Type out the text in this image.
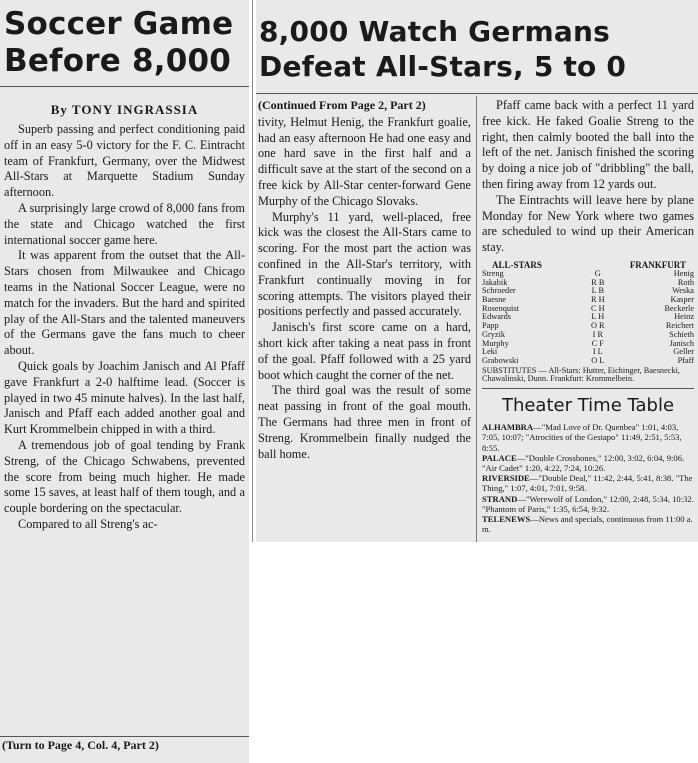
Soccer Game
Before 8,000
By TONY INGRASSIA

Superb passing and perfect conditioning paid off in an easy 5-0 victory for the F. C. Eintracht team of Frankfurt, Germany, over the Midwest All-Stars at Marquette Stadium Sunday afternoon.

A surprisingly large crowd of 8,000 fans from the state and Chicago watched the first international soccer game here.

It was apparent from the outset that the All-Stars chosen from Milwaukee and Chicago teams in the National Soccer League, were no match for the invaders. But the hard and spirited play of the All-Stars and the talented maneuvers of the Germans gave the fans much to cheer about.

Quick goals by Joachim Janisch and Al Pfaff gave Frankfurt a 2-0 halftime lead. (Soccer is played in two 45 minute halves). In the last half, Janisch and Pfaff each added another goal and Kurt Krommelbein chipped in with a third.

A tremendous job of goal tending by Frank Streng, of the Chicago Schwabens, prevented the score from being much higher. He made some 15 saves, at least half of them tough, and a couple bordering on the spectacular.

Compared to all Streng's ac-

(Turn to Page 4, Col. 4, Part 2)
8,000 Watch Germans
Defeat All-Stars, 5 to 0
(Continued From Page 2, Part 2)

tivity, Helmut Henig, the Frankfurt goalie, had an easy afternoon He had one easy and one hard save in the first half and a difficult save at the start of the second on a free kick by All-Star center-forward Gene Murphy of the Chicago Slovaks.

Murphy's 11 yard, well-placed, free kick was the closest the All-Stars came to scoring. For the most part the action was confined in the All-Star's territory, with Frankfurt continually moving in for scoring attempts. The visitors played their positions perfectly and passed accurately.

Janisch's first score came on a hard, short kick after taking a neat pass in front of the goal. Pfaff followed with a 25 yard boot which caught the corner of the net.

The third goal was the result of some neat passing in front of the goal mouth. The Germans had three men in front of Streng. Krommelbein finally nudged the ball home.

Pfaff came back with a perfect 11 yard free kick. He faked Goalie Streng to the right, then calmly booted the ball into the left of the net. Janisch finished the scoring by doing a nice job of "dribbling" the ball, then firing away from 12 yards out.

The Eintrachts will leave here by plane Monday for New York where two games are scheduled to wind up their American stay.

ALL-STARS	FRANKFURT
Streng	G	Henig
Jakabik	R B	Roth
Schroeder	L B	Weska
Baesne	R H	Kasper
Rosenquist	C H	Beckerle
Edwards	L H	Heinz
Papp	O R	Reichert
Gryzik	I R	Schieth
Murphy	C F	Janisch
Leki	I L	Geller
Grabowski	O L	Pfaff
SUBSTITUTES — All-Stars: Hutter, Eichinger, Baesnecki, Chawalinski, Dunn. Frankfurt: Krommelbein.
Theater Time Table

ALHAMBRA—"Mad Love of Dr. Quenbea" 1:01, 4:03, 7:05, 10:07; "Atrocities of the Gestapo" 11:49, 2:51, 5:53, 8:55.

PALACE—"Double Crossbones," 12:00, 3:02, 6:04, 9:06. "Air Cadet" 1:20, 4:22, 7:24, 10:26.

RIVERSIDE—"Double Deal," 11:42, 2:44, 5:41, 8:38. "The Thing," 1:07, 4:01, 7:01, 9:58.

STRAND—"Werewolf of London," 12:00, 2:48, 5:34, 10:32. "Phantom of Paris," 1:35, 6:54, 9:32.

TELENEWS—News and specials, continuous from 11:00 a. m.
